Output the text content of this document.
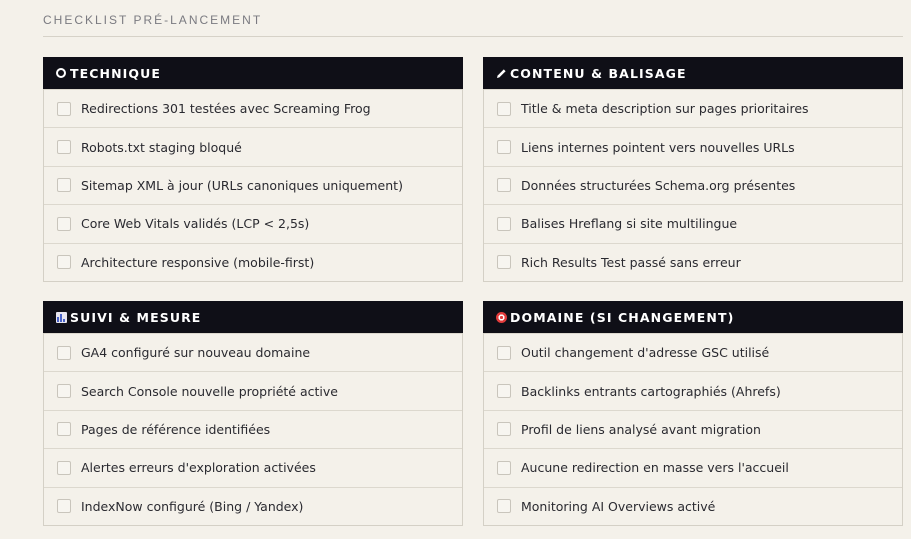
CHECKLIST PRÉ-LANCEMENT
TECHNIQUE
Redirections 301 testées avec Screaming Frog
Robots.txt staging bloqué
Sitemap XML à jour (URLs canoniques uniquement)
Core Web Vitals validés (LCP < 2,5s)
Architecture responsive (mobile-first)
CONTENU & BALISAGE
Title & meta description sur pages prioritaires
Liens internes pointent vers nouvelles URLs
Données structurées Schema.org présentes
Balises Hreflang si site multilingue
Rich Results Test passé sans erreur
SUIVI & MESURE
GA4 configuré sur nouveau domaine
Search Console nouvelle propriété active
Pages de référence identifiées
Alertes erreurs d'exploration activées
IndexNow configuré (Bing / Yandex)
DOMAINE (SI CHANGEMENT)
Outil changement d'adresse GSC utilisé
Backlinks entrants cartographiés (Ahrefs)
Profil de liens analysé avant migration
Aucune redirection en masse vers l'accueil
Monitoring AI Overviews activé
